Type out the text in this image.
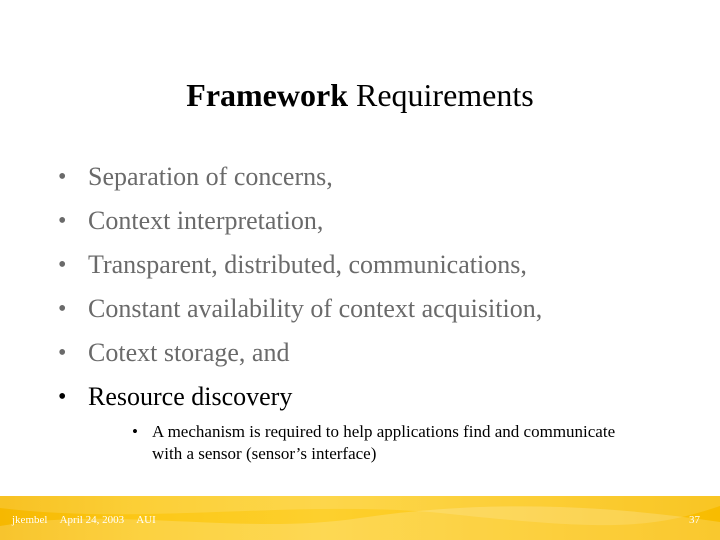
Framework Requirements
• Separation of concerns,
• Context interpretation,
• Transparent, distributed, communications,
• Constant availability of context acquisition,
• Cotext storage, and
• Resource discovery
• A mechanism is required to help applications find and communicate with a sensor (sensor’s interface)
jkembel April 24, 2003 AUI	37
